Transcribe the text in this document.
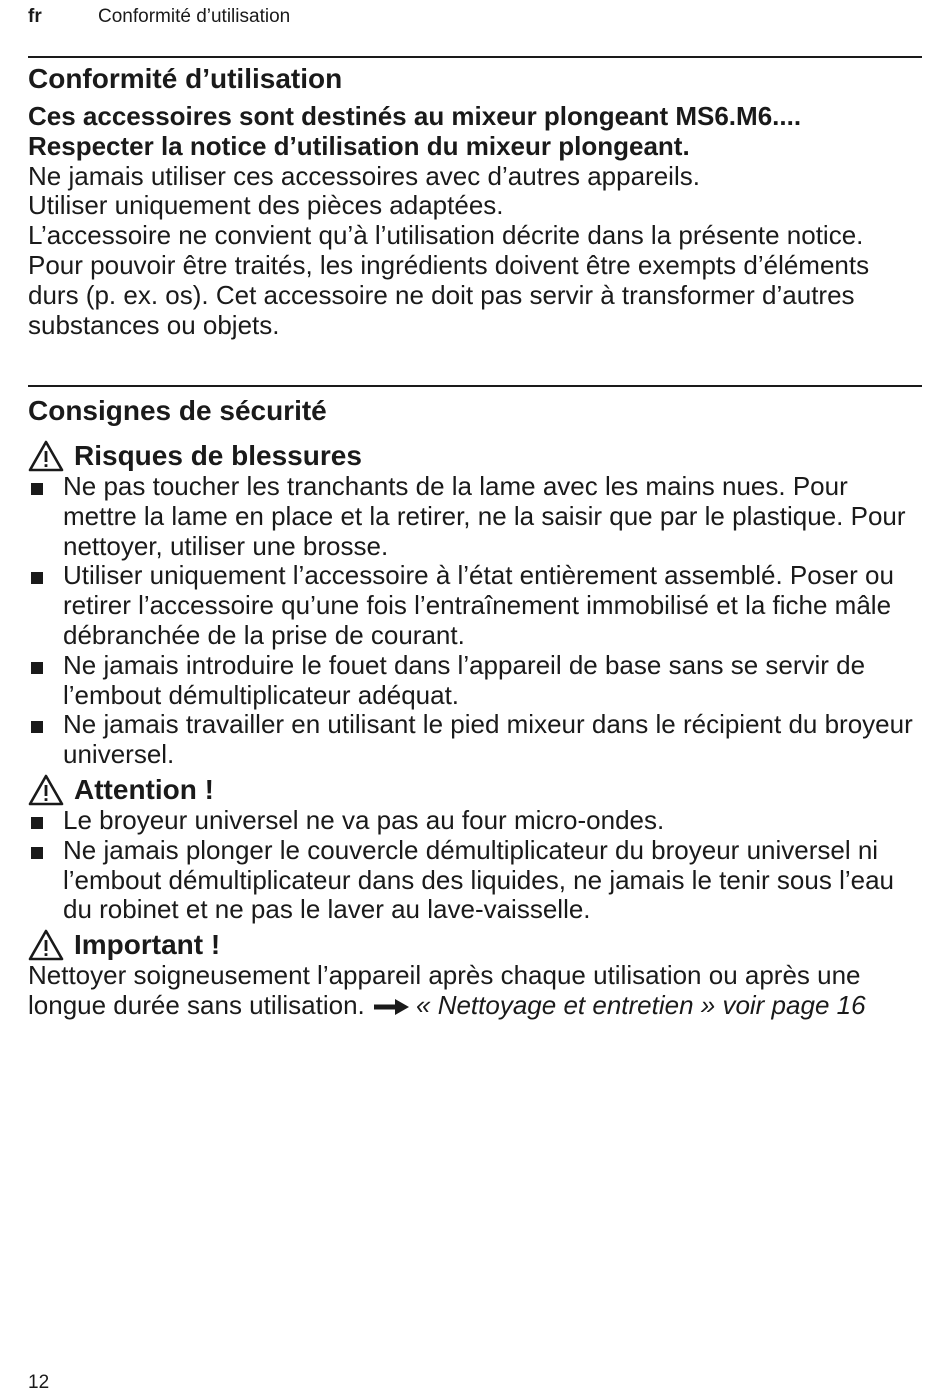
fr	Conformité d’utilisation
Conformité d’utilisation

Ces accessoires sont destinés au mixeur plongeant MS6.M6....

Respecter la notice d’utilisation du mixeur plongeant.

Ne jamais utiliser ces accessoires avec d’autres appareils.

Utiliser uniquement des pièces adaptées.

L’accessoire ne convient qu’à l’utilisation décrite dans la présente notice.

Pour pouvoir être traités, les ingrédients doivent être exempts d’éléments durs (p. ex. os). Cet accessoire ne doit pas servir à transformer d’autres substances ou objets.

Consignes de sécurité
Risques de blessures
Ne pas toucher les tranchants de la lame avec les mains nues. Pour mettre la lame en place et la retirer, ne la saisir que par le plastique. Pour nettoyer, utiliser une brosse.
Utiliser uniquement l’accessoire à l’état entièrement assemblé. Poser ou retirer l’accessoire qu’une fois l’entraînement immobilisé et la fiche mâle débranchée de la prise de courant.
Ne jamais introduire le fouet dans l’appareil de base sans se servir de l’embout démultiplicateur adéquat.
Ne jamais travailler en utilisant le pied mixeur dans le récipient du broyeur universel.
Attention !
Le broyeur universel ne va pas au four micro-ondes.
Ne jamais plonger le couvercle démultiplicateur du broyeur universel ni l’embout démultiplicateur dans des liquides, ne jamais le tenir sous l’eau du robinet et ne pas le laver au lave-vaisselle.
Important !

Nettoyer soigneusement l’appareil après chaque utilisation ou après une longue durée sans utilisation. « Nettoyage et entretien » voir page 16

12
